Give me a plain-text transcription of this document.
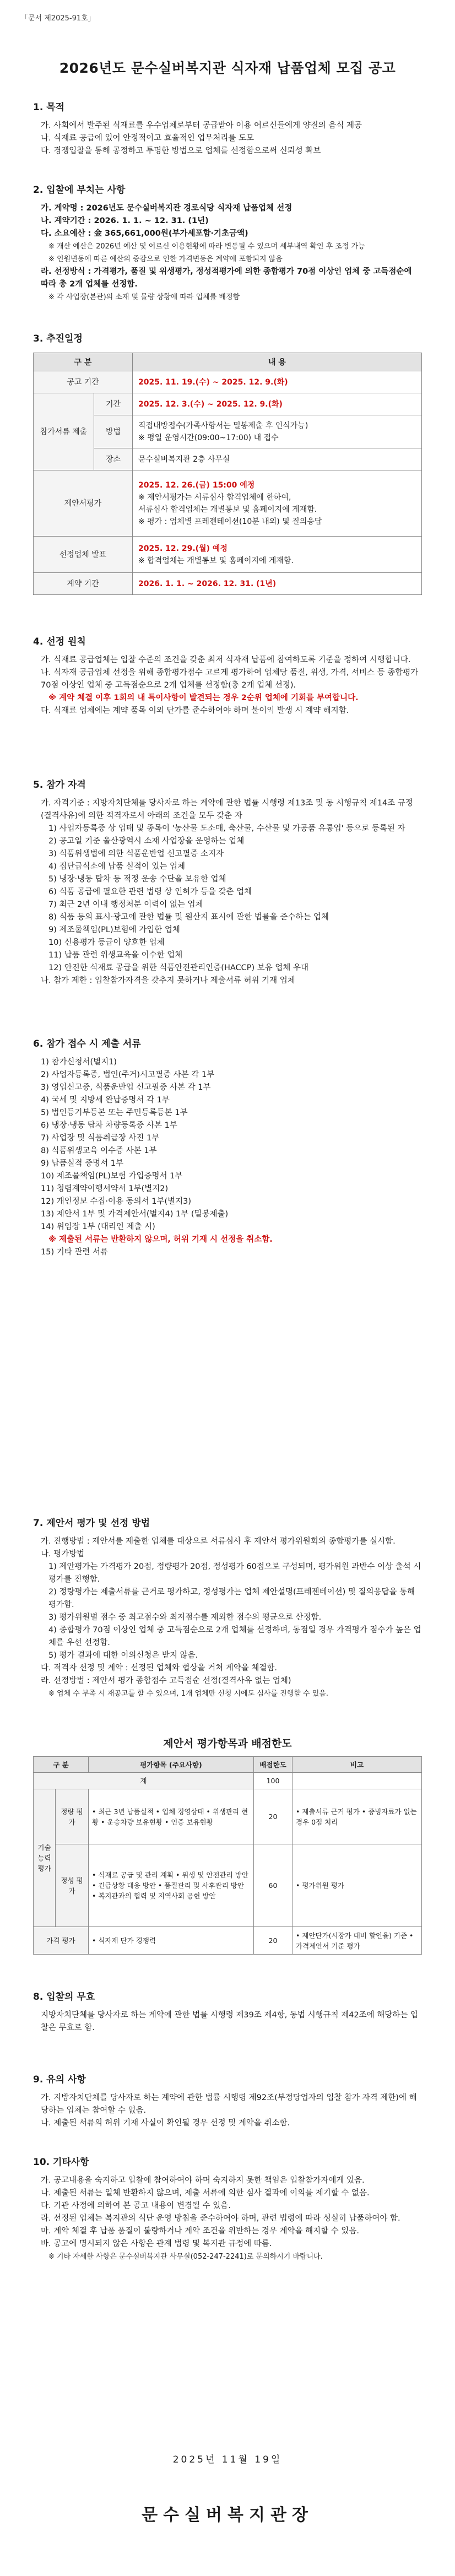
「문서 제2025-91호」
2026년도 문수실버복지관 식자재 납품업체 모집 공고
1. 목적
가. 사회에서 발주된 식재료를 우수업체로부터 공급받아 이용 어르신들에게 양질의 음식 제공
나. 식재료 공급에 있어 안정적이고 효율적인 업무처리를 도모
다. 경쟁입찰을 통해 공정하고 투명한 방법으로 업체를 선정함으로써 신뢰성 확보
2. 입찰에 부치는 사항
가. 계약명 : 2026년도 문수실버복지관 경로식당 식자재 납품업체 선정
나. 계약기간 : 2026. 1. 1. ~ 12. 31. (1년)
다. 소요예산 : 金 365,661,000원(부가세포함·기초금액)
※ 개산 예산은 2026년 예산 및 어르신 이용현황에 따라 변동될 수 있으며 세부내역 확인 후 조정 가능
※ 인원변동에 따른 예산의 증감으로 인한 가격변동은 계약에 포함되지 않음
라. 선정방식 : 가격평가, 품질 및 위생평가, 정성적평가에 의한 종합평가 70점 이상인 업체 중 고득점순에 따라 총 2개 업체를 선정함.
※ 각 사업장(본관)의 소재 및 물량 상황에 따라 업체를 배정함
3. 추진일정
구 분		내 용
공고 기간		2025. 11. 19.(수) ~ 2025. 12. 9.(화)
참가서류 제출	기간	2025. 12. 3.(수) ~ 2025. 12. 9.(화)
	방법	직접내방접수(가족사항서는 밀봉제출 후 인식가능)
※ 평일 운영시간(09:00~17:00) 내 접수

	장소	문수실버복지관 2층 사무실
제안서평가		2025. 12. 26.(금) 15:00 예정
※ 제안서평가는 서류심사 합격업체에 한하여,
서류심사 합격업체는 개별통보 및 홈페이지에 게재함.
※ 평가 : 업체별 프레젠테이션(10분 내외) 및 질의응답

선정업체 발표		2025. 12. 29.(월) 예정
※ 합격업체는 개별통보 및 홈페이지에 게재함.

계약 기간		2026. 1. 1. ~ 2026. 12. 31. (1년)
4. 선정 원칙
가. 식재료 공급업체는 입찰 수준의 조건을 갖춘 최저 식자재 납품에 참여하도록 기준을 정하여 시행합니다.
나. 식자재 공급업체 선정을 위해 종합평가점수 고르게 평가하여 업체당 품질, 위생, 가격, 서비스 등 종합평가 70점 이상인 업체 중 고득점순으로 2개 업체를 선정함(총 2개 업체 선정).
※ 계약 체결 이후 1회의 내 특이사항이 발견되는 경우 2순위 업체에 기회를 부여합니다.
다. 식재료 업체에는 계약 품목 이외 단가를 준수하여야 하며 불이익 발생 시 계약 해지함.
5. 참가 자격
가. 자격기준 : 지방자치단체를 당사자로 하는 계약에 관한 법률 시행령 제13조 및 동 시행규칙 제14조 규정(결격사유)에 의한 적격자로서 아래의 조건을 모두 갖춘 자
1) 사업자등록증 상 업태 및 종목이 '농산물 도소매, 축산물, 수산물 및 가공품 유통업' 등으로 등록된 자
2) 공고일 기준 울산광역시 소재 사업장을 운영하는 업체
3) 식품위생법에 의한 식품운반업 신고필증 소지자
4) 집단급식소에 납품 실적이 있는 업체
5) 냉장·냉동 탑차 등 적정 운송 수단을 보유한 업체
6) 식품 공급에 필요한 관련 법령 상 인허가 등을 갖춘 업체
7) 최근 2년 이내 행정처분 이력이 없는 업체
8) 식품 등의 표시·광고에 관한 법률 및 원산지 표시에 관한 법률을 준수하는 업체
9) 제조물책임(PL)보험에 가입한 업체
10) 신용평가 등급이 양호한 업체
11) 납품 관련 위생교육을 이수한 업체
12) 안전한 식재료 공급을 위한 식품안전관리인증(HACCP) 보유 업체 우대
나. 참가 제한 : 입찰참가자격을 갖추지 못하거나 제출서류 허위 기재 업체
6. 참가 접수 시 제출 서류
1) 참가신청서(별지1)
2) 사업자등록증, 법인(주거)시고필증 사본 각 1부
3) 영업신고증, 식품운반업 신고필증 사본 각 1부
4) 국세 및 지방세 완납증명서 각 1부
5) 법인등기부등본 또는 주민등록등본 1부
6) 냉장·냉동 탑차 차량등록증 사본 1부
7) 사업장 및 식품취급장 사진 1부
8) 식품위생교육 이수증 사본 1부
9) 납품실적 증명서 1부
10) 제조물책임(PL)보험 가입증명서 1부
11) 청렴계약이행서약서 1부(별지2)
12) 개인정보 수집·이용 동의서 1부(별지3)
13) 제안서 1부 및 가격제안서(별지4) 1부 (밀봉제출)
14) 위임장 1부 (대리인 제출 시)
※ 제출된 서류는 반환하지 않으며, 허위 기재 시 선정을 취소함.
15) 기타 관련 서류
7. 제안서 평가 및 선정 방법
가. 진행방법 : 제안서를 제출한 업체를 대상으로 서류심사 후 제안서 평가위원회의 종합평가를 실시함.
나. 평가방법
1) 제안평가는 가격평가 20점, 정량평가 20점, 정성평가 60점으로 구성되며, 평가위원 과반수 이상 출석 시 평가를 진행함.
2) 정량평가는 제출서류를 근거로 평가하고, 정성평가는 업체 제안설명(프레젠테이션) 및 질의응답을 통해 평가함.
3) 평가위원별 점수 중 최고점수와 최저점수를 제외한 점수의 평균으로 산정함.
4) 종합평가 70점 이상인 업체 중 고득점순으로 2개 업체를 선정하며, 동점일 경우 가격평가 점수가 높은 업체를 우선 선정함.
5) 평가 결과에 대한 이의신청은 받지 않음.
다. 적격자 선정 및 계약 : 선정된 업체와 협상을 거쳐 계약을 체결함.
라. 선정방법 : 제안서 평가 종합점수 고득점순 선정(결격사유 없는 업체)
※ 업체 수 부족 시 재공고를 할 수 있으며, 1개 업체만 신청 시에도 심사를 진행할 수 있음.
제안서 평가항목과 배점한도
구 분		평가항목 (주요사항)	배점한도	비고
계			100	
기술 능력 평가	정량 평가	• 최근 3년 납품실적 • 업체 경영상태 • 위생관리 현황 • 운송차량 보유현황 • 인증 보유현황	20	• 제출서류 근거 평가 • 증빙자료가 없는 경우 0점 처리
	정성 평가	• 식재료 공급 및 관리 계획 • 위생 및 안전관리 방안 • 긴급상황 대응 방안 • 품질관리 및 사후관리 방안 • 복지관과의 협력 및 지역사회 공헌 방안	60	• 평가위원 평가
가격 평가		• 식자재 단가 경쟁력	20	• 제안단가(시장가 대비 할인율) 기준 • 가격제안서 기준 평가
8. 입찰의 무효
지방자치단체를 당사자로 하는 계약에 관한 법률 시행령 제39조 제4항, 동법 시행규칙 제42조에 해당하는 입찰은 무효로 함.
9. 유의 사항
가. 지방자치단체를 당사자로 하는 계약에 관한 법률 시행령 제92조(부정당업자의 입찰 참가 자격 제한)에 해당하는 업체는 참여할 수 없음.
나. 제출된 서류의 허위 기재 사실이 확인될 경우 선정 및 계약을 취소함.
10. 기타사항
가. 공고내용을 숙지하고 입찰에 참여하여야 하며 숙지하지 못한 책임은 입찰참가자에게 있음.
나. 제출된 서류는 일체 반환하지 않으며, 제출 서류에 의한 심사 결과에 이의를 제기할 수 없음.
다. 기관 사정에 의하여 본 공고 내용이 변경될 수 있음.
라. 선정된 업체는 복지관의 식단 운영 방침을 준수하여야 하며, 관련 법령에 따라 성실히 납품하여야 함.
마. 계약 체결 후 납품 품질이 불량하거나 계약 조건을 위반하는 경우 계약을 해지할 수 있음.
바. 공고에 명시되지 않은 사항은 관계 법령 및 복지관 규정에 따름.
※ 기타 자세한 사항은 문수실버복지관 사무실(052-247-2241)로 문의하시기 바랍니다.
2025년 11월 19일
문수실버복지관장
